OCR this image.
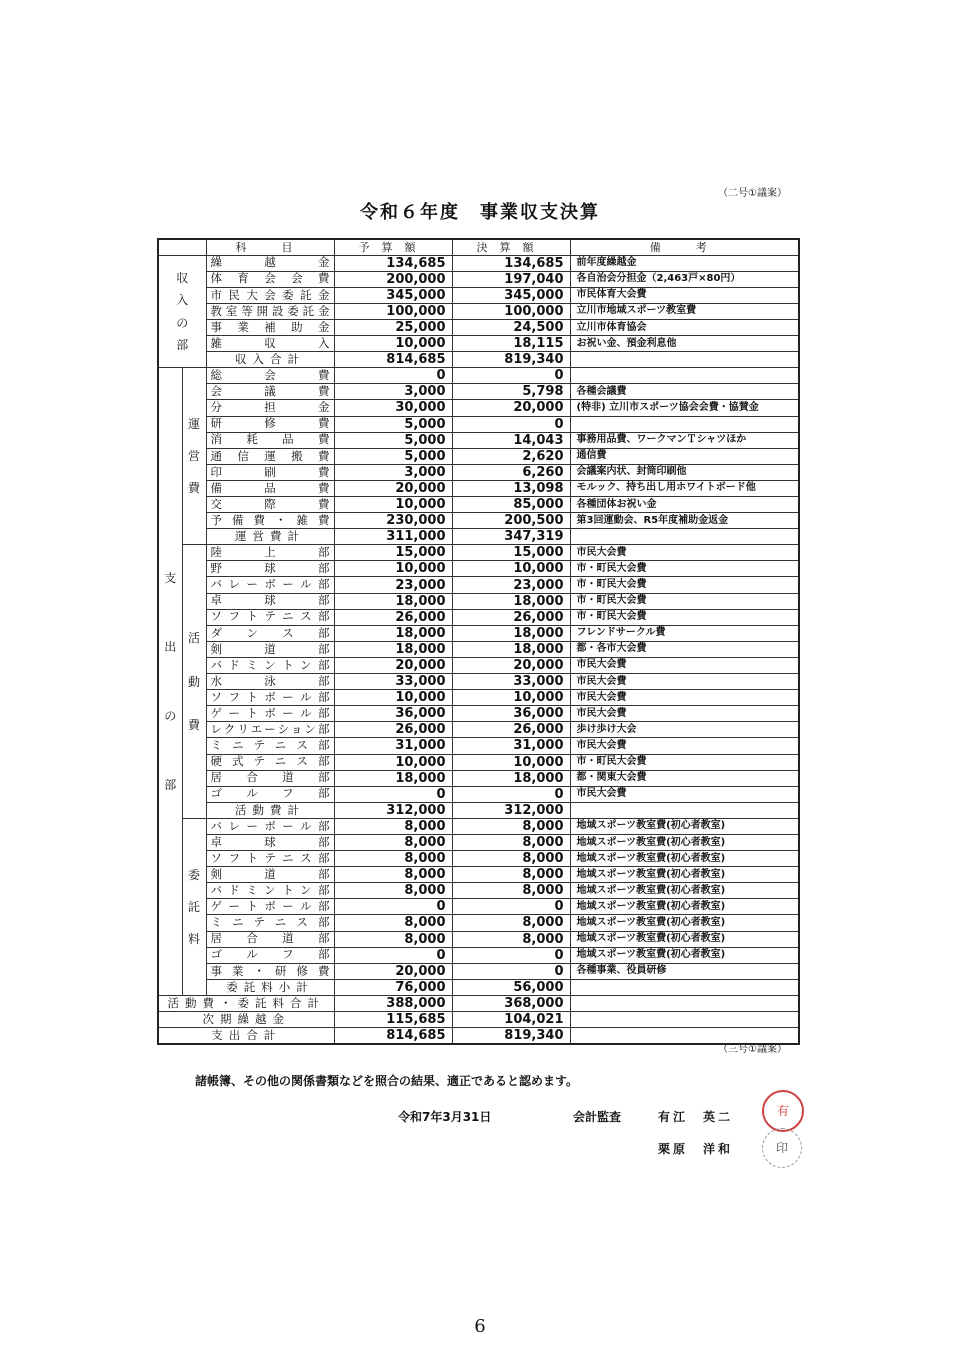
（二号①議案）
令和６年度　事業収支決算
		科　目	予算額	決算額	備　考

収
入
の
部		繰越金	134,685	134,685	前年度繰越金
		体育会会費	200,000	197,040	各自治会分担金（2,463戸×80円）
		市民大会委託金	345,000	345,000	市民体育大会費
		教室等開設委託金	100,000	100,000	立川市地域スポーツ教室費
		事業補助金	25,000	24,500	立川市体育協会
		雑収入	10,000	18,115	お祝い金、預金利息他
		収入合計	814,685	819,340	

支
出
の
部	運
営
費	総会費	0	0	
		会議費	3,000	5,798	各種会議費
		分担金	30,000	20,000	(特非) 立川市スポーツ協会会費・協賛金
		研修費	5,000	0	
		消耗品費	5,000	14,043	事務用品費、ワークマンＴシャツほか
		通信運搬費	5,000	2,620	通信費
		印刷費	3,000	6,260	会議案内状、封筒印刷他
		備品費	20,000	13,098	モルック、持ち出し用ホワイトボード他
		交際費	10,000	85,000	各種団体お祝い金
		予備費・雑費	230,000	200,500	第3回運動会、R5年度補助金返金
		運営費計	311,000	347,319	

	活
動
費	陸上部	15,000	15,000	市民大会費
		野球部	10,000	10,000	市・町民大会費
		バレーボール部	23,000	23,000	市・町民大会費
		卓球部	18,000	18,000	市・町民大会費
		ソフトテニス部	26,000	26,000	市・町民大会費
		ダンス部	18,000	18,000	フレンドサークル費
		剣道部	18,000	18,000	都・各市大会費
		バドミントン部	20,000	20,000	市民大会費
		水泳部	33,000	33,000	市民大会費
		ソフトボール部	10,000	10,000	市民大会費
		ゲートボール部	36,000	36,000	市民大会費
		レクリエーション部	26,000	26,000	歩け歩け大会
		ミニテニス部	31,000	31,000	市民大会費
		硬式テニス部	10,000	10,000	市・町民大会費
		居合道部	18,000	18,000	都・関東大会費
		ゴルフ部	0	0	市民大会費
		活動費計	312,000	312,000	

	委
託
料	バレーボール部	8,000	8,000	地域スポーツ教室費(初心者教室)
		卓球部	8,000	8,000	地域スポーツ教室費(初心者教室)
		ソフトテニス部	8,000	8,000	地域スポーツ教室費(初心者教室)
		剣道部	8,000	8,000	地域スポーツ教室費(初心者教室)
		バドミントン部	8,000	8,000	地域スポーツ教室費(初心者教室)
		ゲートボール部	0	0	地域スポーツ教室費(初心者教室)
		ミニテニス部	8,000	8,000	地域スポーツ教室費(初心者教室)
		居合道部	8,000	8,000	地域スポーツ教室費(初心者教室)
		ゴルフ部	0	0	地域スポーツ教室費(初心者教室)
		事業・研修費	20,000	0	各種事業、役員研修
		委託料小計	76,000	56,000	
活動費・委託料合計			388,000	368,000	
次期繰越金			115,685	104,021	
支出合計			814,685	819,340	
（三号①議案）
諸帳簿、その他の関係書類などを照合の結果、適正であると認めます。
令和7年3月31日	会計監査	有江　英二
栗原　洋和
有
印
6
